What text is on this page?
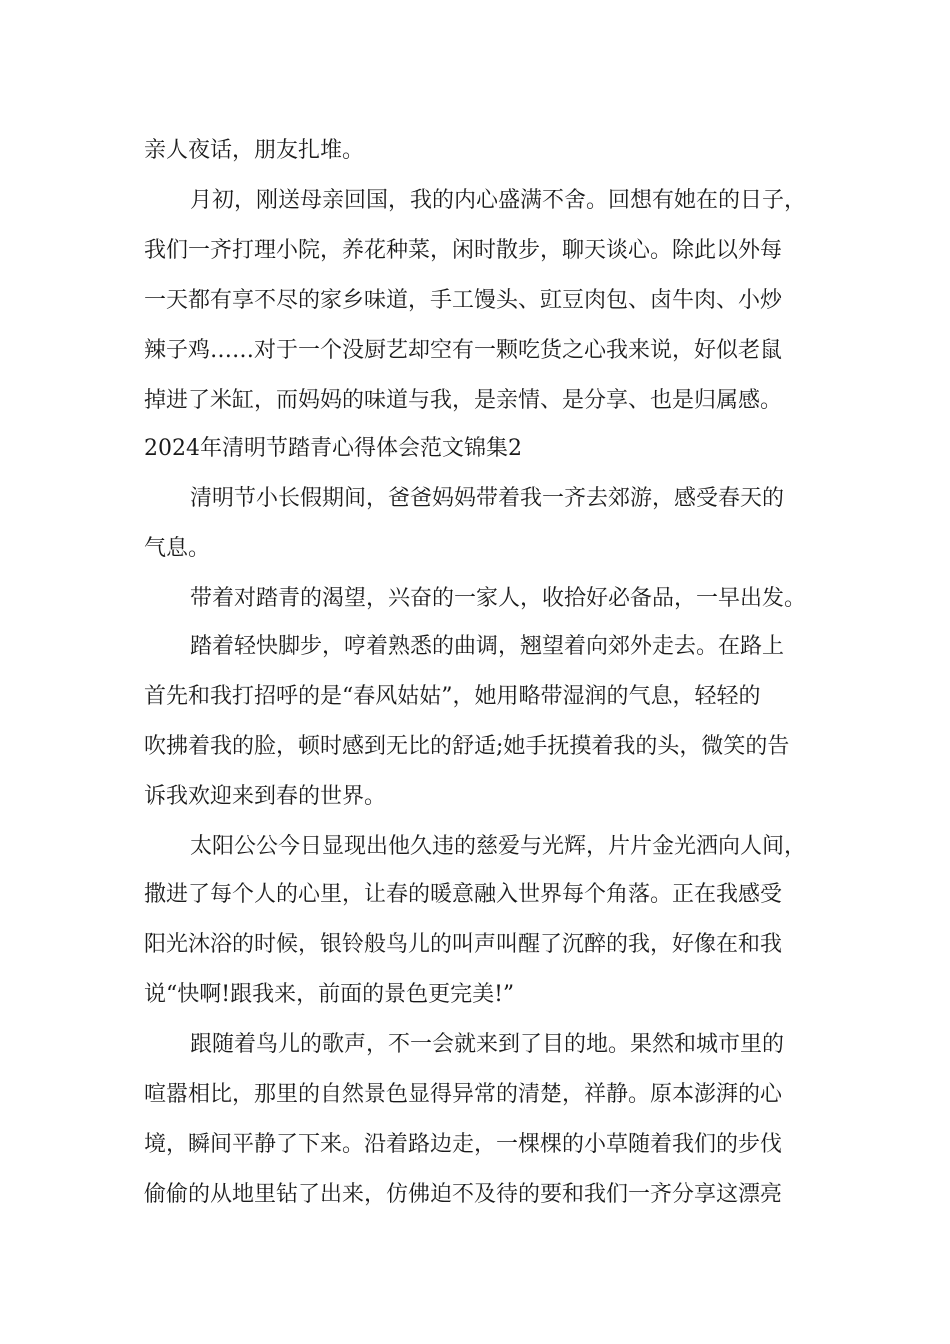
亲人夜话，朋友扎堆。

月初，刚送母亲回国，我的内心盛满不舍。回想有她在的日子，

我们一齐打理小院，养花种菜，闲时散步，聊天谈心。除此以外每

一天都有享不尽的家乡味道，手工馒头、豇豆肉包、卤牛肉、小炒

辣子鸡……对于一个没厨艺却空有一颗吃货之心我来说，好似老鼠

掉进了米缸，而妈妈的味道与我，是亲情、是分享、也是归属感。

2024年清明节踏青心得体会范文锦集2

清明节小长假期间，爸爸妈妈带着我一齐去郊游，感受春天的

气息。

带着对踏青的渴望，兴奋的一家人，收拾好必备品，一早出发。

踏着轻快脚步，哼着熟悉的曲调，翘望着向郊外走去。在路上

首先和我打招呼的是“春风姑姑”，她用略带湿润的气息，轻轻的

吹拂着我的脸，顿时感到无比的舒适;她手抚摸着我的头，微笑的告

诉我欢迎来到春的世界。

太阳公公今日显现出他久违的慈爱与光辉，片片金光洒向人间，

撒进了每个人的心里，让春的暖意融入世界每个角落。正在我感受

阳光沐浴的时候，银铃般鸟儿的叫声叫醒了沉醉的我，好像在和我

说“快啊!跟我来，前面的景色更完美!”

跟随着鸟儿的歌声，不一会就来到了目的地。果然和城市里的

喧嚣相比，那里的自然景色显得异常的清楚，祥静。原本澎湃的心

境，瞬间平静了下来。沿着路边走，一棵棵的小草随着我们的步伐

偷偷的从地里钻了出来，仿佛迫不及待的要和我们一齐分享这漂亮
